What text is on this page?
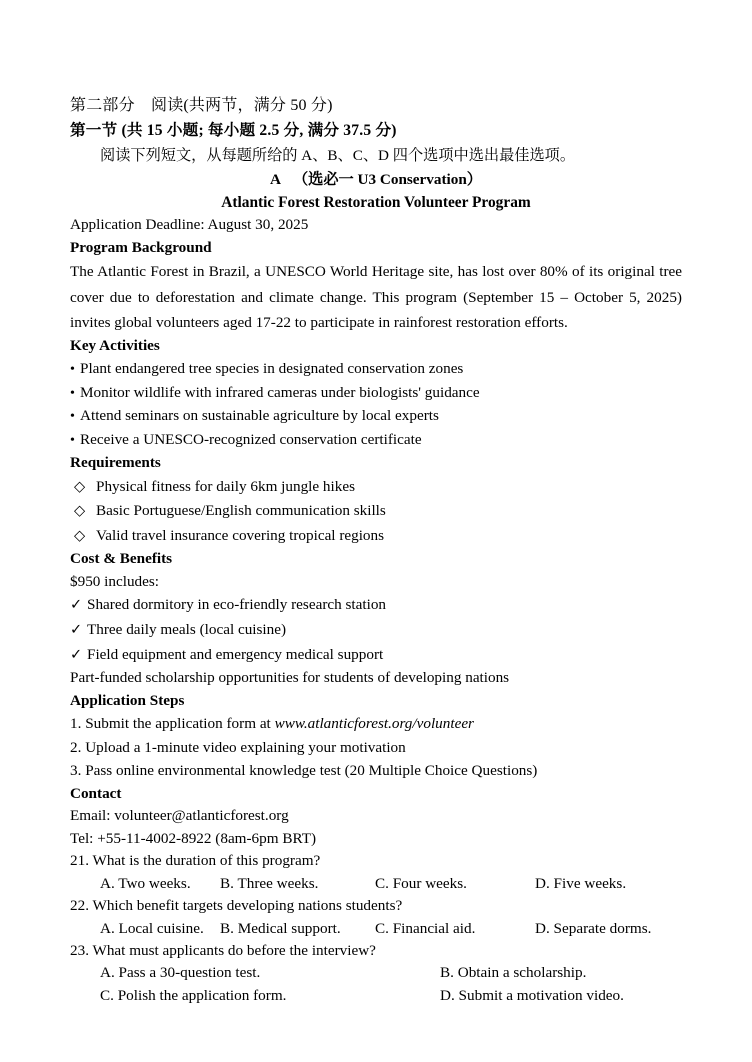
第二部分　阅读(共两节，满分 50 分)
第一节 (共 15 小题; 每小题 2.5 分, 满分 37.5 分)
阅读下列短文，从每题所给的 A、B、C、D 四个选项中选出最佳选项。
A （选必一 U3 Conservation）
Atlantic Forest Restoration Volunteer Program
Application Deadline: August 30, 2025
Program Background
The Atlantic Forest in Brazil, a UNESCO World Heritage site, has lost over 80% of its original tree cover due to deforestation and climate change. This program (September 15 – October 5, 2025) invites global volunteers aged 17-22 to participate in rainforest restoration efforts.
Key Activities
• Plant endangered tree species in designated conservation zones
• Monitor wildlife with infrared cameras under biologists' guidance
• Attend seminars on sustainable agriculture by local experts
• Receive a UNESCO-recognized conservation certificate
Requirements
◇ Physical fitness for daily 6km jungle hikes
◇ Basic Portuguese/English communication skills
◇ Valid travel insurance covering tropical regions
Cost & Benefits
$950 includes:
✓ Shared dormitory in eco-friendly research station
✓ Three daily meals (local cuisine)
✓ Field equipment and emergency medical support
Part-funded scholarship opportunities for students of developing nations
Application Steps
1. Submit the application form at www.atlanticforest.org/volunteer
2. Upload a 1-minute video explaining your motivation
3. Pass online environmental knowledge test (20 Multiple Choice Questions)
Contact
Email: volunteer@atlanticforest.org
Tel: +55-11-4002-8922 (8am-6pm BRT)
21. What is the duration of this program?
A. Two weeks. B. Three weeks.	C. Four weeks.	D. Five weeks.
22. Which benefit targets developing nations students?
A. Local cuisine. B. Medical support. C. Financial aid.	D. Separate dorms.
23. What must applicants do before the interview?
A. Pass a 30-question test.	B. Obtain a scholarship.
C. Polish the application form.	D. Submit a motivation video.
